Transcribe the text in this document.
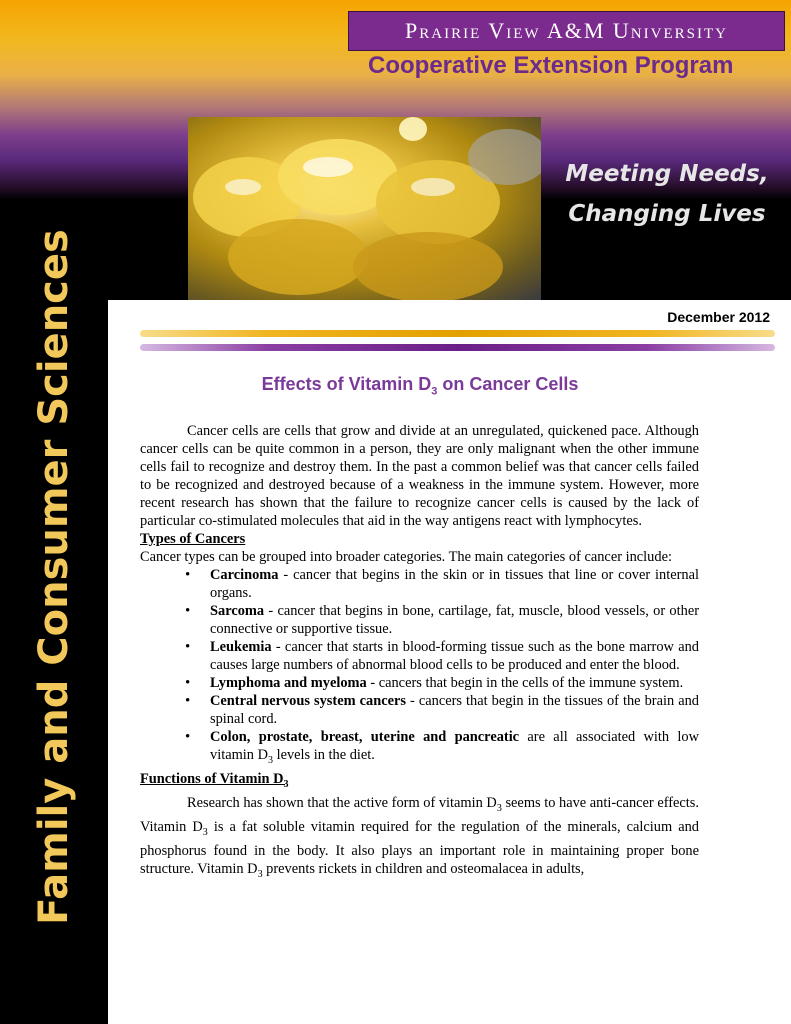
Prairie View A&M University
Cooperative Extension Program
Meeting Needs,
Changing Lives
Family and Consumer Sciences	December 2012
Effects of Vitamin $D_3$ on Cancer Cells

Cancer cells are cells that grow and divide at an unregulated, quickened pace. Although cancer cells can be quite common in a person, they are only malignant when the other immune cells fail to recognize and destroy them. In the past a common belief was that cancer cells failed to be recognized and destroyed because of a weakness in the immune system. However, more recent research has shown that the failure to recognize cancer cells is caused by the lack of particular co-stimulated molecules that aid in the way antigens react with lymphocytes.

Types of Cancers

Cancer types can be grouped into broader categories. The main categories of cancer include:

• Carcinoma - cancer that begins in the skin or in tissues that line or cover internal organs.
• Sarcoma - cancer that begins in bone, cartilage, fat, muscle, blood vessels, or other connective or supportive tissue.
• Leukemia - cancer that starts in blood-forming tissue such as the bone marrow and causes large numbers of abnormal blood cells to be produced and enter the blood.
• Lymphoma and myeloma - cancers that begin in the cells of the immune system.
• Central nervous system cancers - cancers that begin in the tissues of the brain and spinal cord.
• Colon, prostate, breast, uterine and pancreatic are all associated with low vitamin $D_3$ levels in the diet.

Functions of Vitamin $D_3$

Research has shown that the active form of vitamin $D_3$ seems to have anti-cancer effects. Vitamin $D_3$ is a fat soluble vitamin required for the regulation of the minerals, calcium and phosphorus found in the body. It also plays an important role in maintaining proper bone structure. Vitamin $D_3$ prevents rickets in children and osteomalacea in adults,
